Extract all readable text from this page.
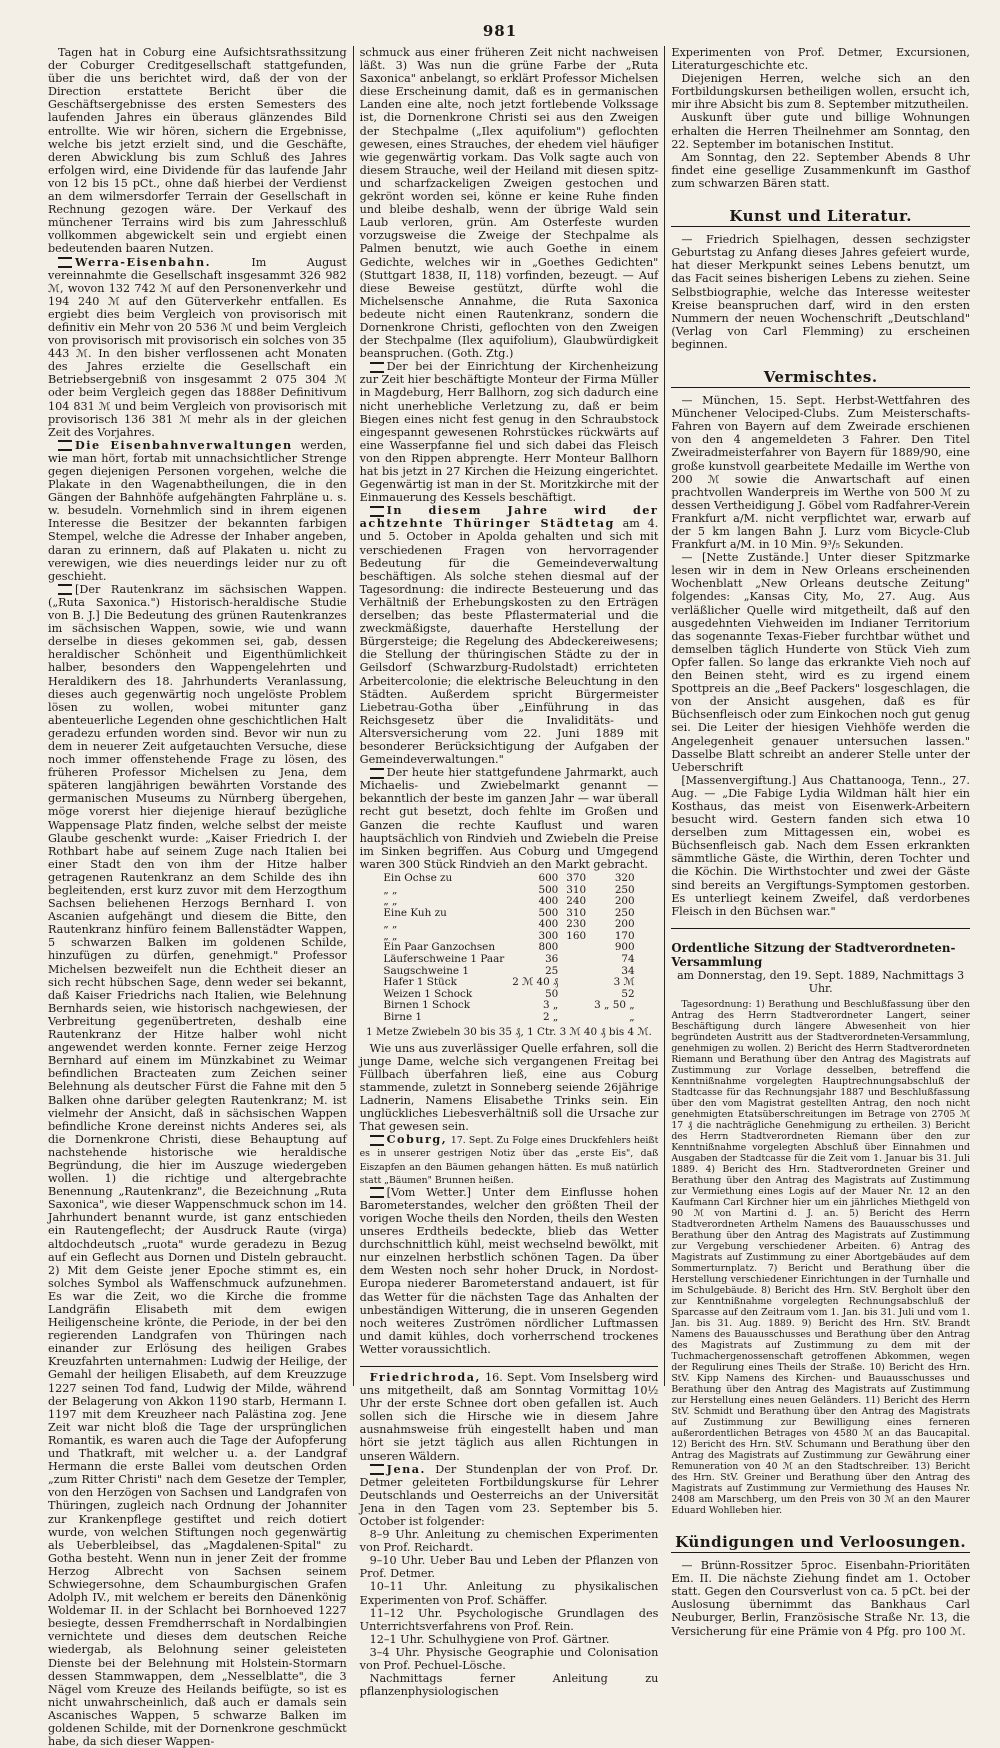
981

Tagen hat in Coburg eine Aufsichtsrathssitzung der Coburger Creditgesellschaft stattgefunden, über die uns berichtet wird, daß der von der Direction erstattete Bericht über die Geschäftsergebnisse des ersten Semesters des laufenden Jahres ein überaus glänzendes Bild entrollte. Wie wir hören, sichern die Ergebnisse, welche bis jetzt erzielt sind, und die Geschäfte, deren Abwicklung bis zum Schluß des Jahres erfolgen wird, eine Dividende für das laufende Jahr von 12 bis 15 pCt., ohne daß hierbei der Verdienst an dem wilmersdorfer Terrain der Gesellschaft in Rechnung gezogen wäre. Der Verkauf des münchener Terrains wird bis zum Jahresschluß vollkommen abgewickelt sein und ergiebt einen bedeutenden baaren Nutzen.

Werra-Eisenbahn.	Im August vereinnahmte die Gesellschaft insgesammt 326 982 ℳ, wovon 132 742 ℳ auf den Personenverkehr und 194 240 ℳ auf den Güterverkehr entfallen. Es ergiebt dies beim Vergleich von provisorisch mit definitiv ein Mehr von 20 536 ℳ und beim Vergleich von provisorisch mit provisorisch ein solches von 35 443 ℳ. In den bisher verflossenen acht Monaten des Jahres erzielte die Gesellschaft ein Betriebsergebniß von insgesammt 2 075 304 ℳ oder beim Vergleich gegen das 1888er Definitivum 104 831 ℳ und beim Vergleich von provisorisch mit provisorisch 136 381 ℳ mehr als in der gleichen Zeit des Vorjahres.

Die Eisenbahnverwaltungen werden, wie man hört, fortab mit unnachsichtlicher Strenge gegen diejenigen Personen vorgehen, welche die Plakate in den Wagenabtheilungen, die in den Gängen der Bahnhöfe aufgehängten Fahrpläne u. s. w. besudeln. Vornehmlich sind in ihrem eigenen Interesse die Besitzer der bekannten farbigen Stempel, welche die Adresse der Inhaber angeben, daran zu erinnern, daß auf Plakaten u. nicht zu verewigen, wie dies neuerdings leider nur zu oft geschieht.

[Der Rautenkranz im sächsischen Wappen. („Ruta Saxonica.") Historisch-heraldische Studie von B. J.] Die Bedeutung des grünen Rautenkranzes im sächsischen Wappen, sowie, wie und wann derselbe in dieses gekommen sei, gab, dessen heraldischer Schönheit und Eigenthümlichkeit halber, besonders den Wappengelehrten und Heraldikern des 18. Jahrhunderts Veranlassung, dieses auch gegenwärtig noch ungelöste Problem lösen zu wollen, wobei mitunter ganz abenteuerliche Legenden ohne geschichtlichen Halt geradezu erfunden worden sind. Bevor wir nun zu dem in neuerer Zeit aufgetauchten Versuche, diese noch immer offenstehende Frage zu lösen, des früheren Professor Michelsen zu Jena, dem späteren langjährigen bewährten Vorstande des germanischen Museums zu Nürnberg übergehen, möge vorerst hier diejenige hierauf bezügliche Wappensage Platz finden, welche selbst der meiste Glaube geschenkt wurde: „Kaiser Friedrich I. der Rothbart habe auf seinem Zuge nach Italien bei einer Stadt den von ihm der Hitze halber getragenen Rautenkranz an dem Schilde des ihn begleitenden, erst kurz zuvor mit dem Herzogthum Sachsen beliehenen Herzogs Bernhard I. von Ascanien aufgehängt und diesem die Bitte, den Rautenkranz hinfüro feinem Ballenstädter Wappen, 5 schwarzen Balken im goldenen Schilde, hinzufügen zu dürfen, genehmigt." Professor Michelsen bezweifelt nun die Echtheit dieser an sich recht hübschen Sage, denn weder sei bekannt, daß Kaiser Friedrichs nach Italien, wie Belehnung Bernhards seien, wie historisch nachgewiesen, der Verbreitung gegenübertreten, deshalb eine Rautenkranz der Hitze halber wohl nicht angewendet werden konnte. Ferner zeige Herzog Bernhard auf einem im Münzkabinet zu Weimar befindlichen Bracteaten zum Zeichen seiner Belehnung als deutscher Fürst die Fahne mit den 5 Balken ohne darüber gelegten Rautenkranz; M. ist vielmehr der Ansicht, daß in sächsischen Wappen befindliche Krone dereinst nichts Anderes sei, als die Dornenkrone Christi, diese Behauptung auf nachstehende historische wie heraldische Begründung, die hier im Auszuge wiedergeben wollen. 1) die richtige und altergebrachte Benennung „Rautenkranz", die Bezeichnung „Ruta Saxonica", wie dieser Wappenschmuck schon im 14. Jahrhundert benannt wurde, ist ganz entschieden ein Rautengeflecht; der Ausdruck Raute (virga) altdochdeutsch „ruota" wurde geradezu in Bezug auf ein Geflecht aus Dornen und Disteln gebraucht. 2) Mit dem Geiste jener Epoche stimmt es, ein solches Symbol als Waffenschmuck aufzunehmen. Es war die Zeit, wo die Kirche die fromme Landgräfin Elisabeth mit dem ewigen Heiligenscheine krönte, die Periode, in der bei den regierenden Landgrafen von Thüringen nach einander zur Erlösung des heiligen Grabes Kreuzfahrten unternahmen: Ludwig der Heilige, der Gemahl der heiligen Elisabeth, auf dem Kreuzzuge 1227 seinen Tod fand, Ludwig der Milde, während der Belagerung von Akkon 1190 starb, Hermann I. 1197 mit dem Kreuzheer nach Palästina zog. Jene Zeit war nicht bloß die Tage der ursprünglichen Romantik, es waren auch die Tage der Aufopferung und Thatkraft, mit welcher u. a. der Landgraf Hermann die erste Ballei vom deutschen Orden „zum Ritter Christi" nach dem Gesetze der Templer, von den Herzögen von Sachsen und Landgrafen von Thüringen, zugleich nach Ordnung der Johanniter zur Krankenpflege gestiftet und reich dotiert wurde, von welchen Stiftungen noch gegenwärtig als Ueberbleibsel, das „Magdalenen-Spital" zu Gotha besteht. Wenn nun in jener Zeit der fromme Herzog Albrecht von Sachsen seinem Schwiegersohne, dem Schaumburgischen Grafen Adolph IV., mit welchem er bereits den Dänenkönig Woldemar II. in der Schlacht bei Bornhoeved 1227 besiegte, dessen Fremdherrschaft in Nordalbingien vernichtete und dieses dem deutschen Reiche wiedergab, als Belohnung seiner geleisteten Dienste bei der Belehnung mit Holstein-Stormarn dessen Stammwappen, dem „Nesselblatte", die 3 Nägel vom Kreuze des Heilands beifügte, so ist es nicht unwahrscheinlich, daß auch er damals sein Ascanisches Wappen, 5 schwarze Balken im goldenen Schilde, mit der Dornenkrone geschmückt habe, da sich dieser Wappen-

schmuck aus einer früheren Zeit nicht nachweisen läßt. 3) Was nun die grüne Farbe der „Ruta Saxonica" anbelangt, so erklärt Professor Michelsen diese Erscheinung damit, daß es in germanischen Landen eine alte, noch jetzt fortlebende Volkssage ist, die Dornenkrone Christi sei aus den Zweigen der Stechpalme („Ilex aquifolium") geflochten gewesen, eines Strauches, der ehedem viel häufiger wie gegenwärtig vorkam. Das Volk sagte auch von diesem Strauche, weil der Heiland mit diesen spitz- und scharfzackeligen Zweigen gestochen und gekrönt worden sei, könne er keine Ruhe finden und bleibe deshalb, wenn der übrige Wald sein Laub verloren, grün. Am Osterfeste wurden vorzugsweise die Zweige der Stechpalme als Palmen benutzt, wie auch Goethe in einem Gedichte, welches wir in „Goethes Gedichten" (Stuttgart 1838, II, 118) vorfinden, bezeugt. — Auf diese Beweise gestützt, dürfte wohl die Michelsensche Annahme, die Ruta Saxonica bedeute nicht einen Rautenkranz, sondern die Dornenkrone Christi, geflochten von den Zweigen der Stechpalme (Ilex aquifolium), Glaubwürdigkeit beanspruchen. (Goth. Ztg.)

Der bei der Einrichtung der Kirchenheizung zur Zeit hier beschäftigte Monteur der Firma Müller in Magdeburg, Herr Ballhorn, zog sich dadurch eine nicht unerhebliche Verletzung zu, daß er beim Biegen eines nicht fest genug in den Schraubstock eingespannt gewesenen Rohrstückes rückwärts auf eine Wasserpfanne fiel und sich dabei das Fleisch von den Rippen abprengte. Herr Monteur Ballhorn hat bis jetzt in 27 Kirchen die Heizung eingerichtet. Gegenwärtig ist man in der St. Moritzkirche mit der Einmauerung des Kessels beschäftigt.

In diesem Jahre wird der achtzehnte Thüringer Städtetag am 4. und 5. October in Apolda gehalten und sich mit verschiedenen Fragen von hervorragender Bedeutung für die Gemeindeverwaltung beschäftigen. Als solche stehen diesmal auf der Tagesordnung: die indirecte Besteuerung und das Verhältniß der Erhebungskosten zu den Erträgen derselben; das beste Pflastermaterial und die zweckmäßigste, dauerhafte Herstellung der Bürgersteige; die Regelung des Abdeckereiwesens; die Stellung der thüringischen Städte zu der in Geilsdorf (Schwarzburg-Rudolstadt) errichteten Arbeitercolonie; die elektrische Beleuchtung in den Städten. Außerdem spricht Bürgermeister Liebetrau-Gotha über „Einführung in das Reichsgesetz über die Invaliditäts- und Altersversicherung vom 22. Juni 1889 mit besonderer Berücksichtigung der Aufgaben der Gemeindeverwaltungen."

Der heute hier stattgefundene Jahrmarkt, auch Michaelis- und Zwiebelmarkt genannt — bekanntlich der beste im ganzen Jahr — war überall recht gut besetzt, doch fehlte im Großen und Ganzen die rechte Kauflust und waren hauptsächlich von Rindvieh und Zwiebeln die Preise im Sinken begriffen. Aus Coburg und Umgegend waren 300 Stück Rindvieh an den Markt gebracht.

Ein Ochse zu	600	370	320
„ „	500	310	250
„ „	400	240	200
Eine Kuh zu	500	310	250
„ „	400	230	200
„ „	300	160	170
Ein Paar Ganzochsen	800		900
Läuferschweine 1 Paar	36		74
Saugschweine 1	25		34
Hafer 1 Stück	2 ℳ 40 ₰		3 ℳ
Weizen 1 Schock	50		52
Birnen 1 Schock	3 „		3 „ 50 „
Birne 1	2 „		„
1 Metze Zwiebeln 30 bis 35 ₰, 1 Ctr. 3 ℳ 40 ₰ bis 4 ℳ.

Wie uns aus zuverlässiger Quelle erfahren, soll die junge Dame, welche sich vergangenen Freitag bei Füllbach überfahren ließ, eine aus Coburg stammende, zuletzt in Sonneberg seiende 26jährige Ladnerin, Namens Elisabethe Trinks sein. Ein unglückliches Liebesverhältniß soll die Ursache zur That gewesen sein.

Coburg, 17. Sept. Zu Folge eines Druckfehlers heißt es in unserer gestrigen Notiz über das „erste Eis", daß Eiszapfen an den Bäumen gehangen hätten. Es muß natürlich statt „Bäumen" Brunnen heißen.

[Vom Wetter.] Unter dem Einflusse hohen Barometerstandes, welcher den größten Theil der vorigen Woche theils den Norden, theils den Westen unseres Erdtheils bedeckte, blieb das Wetter durchschnittlich kühl, meist wechselnd bewölkt, mit nur einzelnen herbstlich schönen Tagen. Da über dem Westen noch sehr hoher Druck, in Nordost-Europa niederer Barometerstand andauert, ist für das Wetter für die nächsten Tage das Anhalten der unbeständigen Witterung, die in unseren Gegenden noch weiteres Zuströmen nördlicher Luftmassen und damit kühles, doch vorherrschend trockenes Wetter voraussichtlich.

Friedrichroda, 16. Sept. Vom Inselsberg wird uns mitgetheilt, daß am Sonntag Vormittag 10½ Uhr der erste Schnee dort oben gefallen ist. Auch sollen sich die Hirsche wie in diesem Jahre ausnahmsweise früh eingestellt haben und man hört sie jetzt täglich aus allen Richtungen in unseren Wäldern.

Jena. Der Stundenplan der von Prof. Dr. Detmer geleiteten Fortbildungskurse für Lehrer Deutschlands und Oesterreichs an der Universität Jena in den Tagen vom 23. September bis 5. October ist folgender:

8–9 Uhr. Anleitung zu chemischen Experimenten von Prof. Reichardt.

9–10 Uhr. Ueber Bau und Leben der Pflanzen von Prof. Detmer.

10–11 Uhr. Anleitung zu physikalischen Experimenten von Prof. Schäffer.

11–12 Uhr. Psychologische Grundlagen des Unterrichtsverfahrens von Prof. Rein.

12–1 Uhr. Schulhygiene von Prof. Gärtner.

3–4 Uhr. Physische Geographie und Colonisation von Prof. Pechuel-Lösche.

Nachmittags ferner Anleitung zu pflanzenphysiologischen

Experimenten von Prof. Detmer, Excursionen, Literaturgeschichte etc.

Diejenigen Herren, welche sich an den Fortbildungskursen betheiligen wollen, ersucht ich, mir ihre Absicht bis zum 8. September mitzutheilen.

Auskunft über gute und billige Wohnungen erhalten die Herren Theilnehmer am Sonntag, den 22. September im botanischen Institut.

Am Sonntag, den 22. September Abends 8 Uhr findet eine gesellige Zusammenkunft im Gasthof zum schwarzen Bären statt.

Kunst und Literatur.

— Friedrich Spielhagen, dessen sechzigster Geburtstag zu Anfang dieses Jahres gefeiert wurde, hat dieser Merkpunkt seines Lebens benutzt, um das Facit seines bisherigen Lebens zu ziehen. Seine Selbstbiographie, welche das Interesse weitester Kreise beanspruchen darf, wird in den ersten Nummern der neuen Wochenschrift „Deutschland" (Verlag von Carl Flemming) zu erscheinen beginnen.

Vermischtes.

— München, 15. Sept. Herbst-Wettfahren des Münchener Velociped-Clubs. Zum Meisterschafts-Fahren von Bayern auf dem Zweirade erschienen von den 4 angemeldeten 3 Fahrer. Den Titel Zweiradmeisterfahrer von Bayern für 1889/90, eine große kunstvoll gearbeitete Medaille im Werthe von 200 ℳ sowie die Anwartschaft auf einen prachtvollen Wanderpreis im Werthe von 500 ℳ zu dessen Vertheidigung J. Göbel vom Radfahrer-Verein Frankfurt a/M. nicht verpflichtet war, erwarb auf der 5 km langen Bahn J. Lurz vom Bicycle-Club Frankfurt a/M. in 10 Min. 9³/₅ Sekunden.

— [Nette Zustände.] Unter dieser Spitzmarke lesen wir in dem in New Orleans erscheinenden Wochenblatt „New Orleans deutsche Zeitung" folgendes: „Kansas City, Mo, 27. Aug. Aus verläßlicher Quelle wird mitgetheilt, daß auf den ausgedehnten Viehweiden im Indianer Territorium das sogenannte Texas-Fieber furchtbar wüthet und demselben täglich Hunderte von Stück Vieh zum Opfer fallen. So lange das erkrankte Vieh noch auf den Beinen steht, wird es zu irgend einem Spottpreis an die „Beef Packers" losgeschlagen, die von der Ansicht ausgehen, daß es für Büchsenfleisch oder zum Einkochen noch gut genug sei. Die Leiter der hiesigen Viehhöfe werden die Angelegenheit genauer untersuchen lassen." Dasselbe Blatt schreibt an anderer Stelle unter der Ueberschrift

[Massenvergiftung.] Aus Chattanooga, Tenn., 27. Aug. — „Die Fabige Lydia Wildman hält hier ein Kosthaus, das meist von Eisenwerk-Arbeitern besucht wird. Gestern fanden sich etwa 10 derselben zum Mittagessen ein, wobei es Büchsenfleisch gab. Nach dem Essen erkrankten sämmtliche Gäste, die Wirthin, deren Tochter und die Köchin. Die Wirthstochter und zwei der Gäste sind bereits an Vergiftungs-Symptomen gestorben. Es unterliegt keinem Zweifel, daß verdorbenes Fleisch in den Büchsen war."

Ordentliche Sitzung der Stadtverordneten-Versammlung
am Donnerstag, den 19. Sept. 1889, Nachmittags 3 Uhr.

Tagesordnung: 1) Berathung und Beschlußfassung über den Antrag des Herrn Stadtverordneter Langert, seiner Beschäftigung durch längere Abwesenheit von hier begründeten Austritt aus der Stadtverordneten-Versammlung, genehmigen zu wollen. 2) Bericht des Herrn Stadtverordneten Riemann und Berathung über den Antrag des Magistrats auf Zustimmung zur Vorlage desselben, betreffend die Kenntnißnahme vorgelegten Hauptrechnungsabschluß der Stadtcasse für das Rechnungsjahr 1887 und Beschlußfassung über den vom Magistrat gestellten Antrag, den noch nicht genehmigten Etatsüberschreitungen im Betrage von 2705 ℳ 17 ₰ die nachträgliche Genehmigung zu ertheilen. 3) Bericht des Herrn Stadtverordneten Riemann über den zur Kenntnißnahme vorgelegten Abschluß über Einnahmen und Ausgaben der Stadtcasse für die Zeit vom 1. Januar bis 31. Juli 1889. 4) Bericht des Hrn. Stadtverordneten Greiner und Berathung über den Antrag des Magistrats auf Zustimmung zur Vermiethung eines Logis auf der Mauer Nr. 12 an den Kaufmann Carl Kirchner hier um ein jährliches Miethgeld von 90 ℳ von Martini d. J. an. 5) Bericht des Herrn Stadtverordneten Arthelm Namens des Bauausschusses und Berathung über den Antrag des Magistrats auf Zustimmung zur Vergebung verschiedener Arbeiten. 6) Antrag des Magistrats auf Zustimmung zu einer Abortgebäudes auf dem Sommerturnplatz. 7) Bericht und Berathung über die Herstellung verschiedener Einrichtungen in der Turnhalle und im Schulgebäude. 8) Bericht des Hrn. StV. Bergholt über den zur Kenntnißnahme vorgelegten Rechnungsabschluß der Sparcasse auf den Zeitraum vom 1. Jan. bis 31. Juli und vom 1. Jan. bis 31. Aug. 1889. 9) Bericht des Hrn. StV. Brandt Namens des Bauausschusses und Berathung über den Antrag des Magistrats auf Zustimmung zu dem mit der Tuchmachergenossenschaft getroffenen Abkommen, wegen der Regulirung eines Theils der Straße. 10) Bericht des Hrn. StV. Kipp Namens des Kirchen- und Bauausschusses und Berathung über den Antrag des Magistrats auf Zustimmung zur Herstellung eines neuen Geländers. 11) Bericht des Herrn StV. Schmidt und Berathung über den Antrag des Magistrats auf Zustimmung zur Bewilligung eines ferneren außerordentlichen Betrages von 4580 ℳ an das Baucapital. 12) Bericht des Hrn. StV. Schumann und Berathung über den Antrag des Magistrats auf Zustimmung zur Gewährung einer Remuneration von 40 ℳ an den Stadtschreiber. 13) Bericht des Hrn. StV. Greiner und Berathung über den Antrag des Magistrats auf Zustimmung zur Vermiethung des Hauses Nr. 2408 am Marschberg, um den Preis von 30 ℳ an den Maurer Eduard Wohlleben hier.

Kündigungen und Verloosungen.

— Brünn-Rossitzer 5proc. Eisenbahn-Prioritäten Em. II. Die nächste Ziehung findet am 1. October statt. Gegen den Coursverlust von ca. 5 pCt. bei der Auslosung übernimmt das Bankhaus Carl Neuburger, Berlin, Französische Straße Nr. 13, die Versicherung für eine Prämie von 4 Pfg. pro 100 ℳ.
